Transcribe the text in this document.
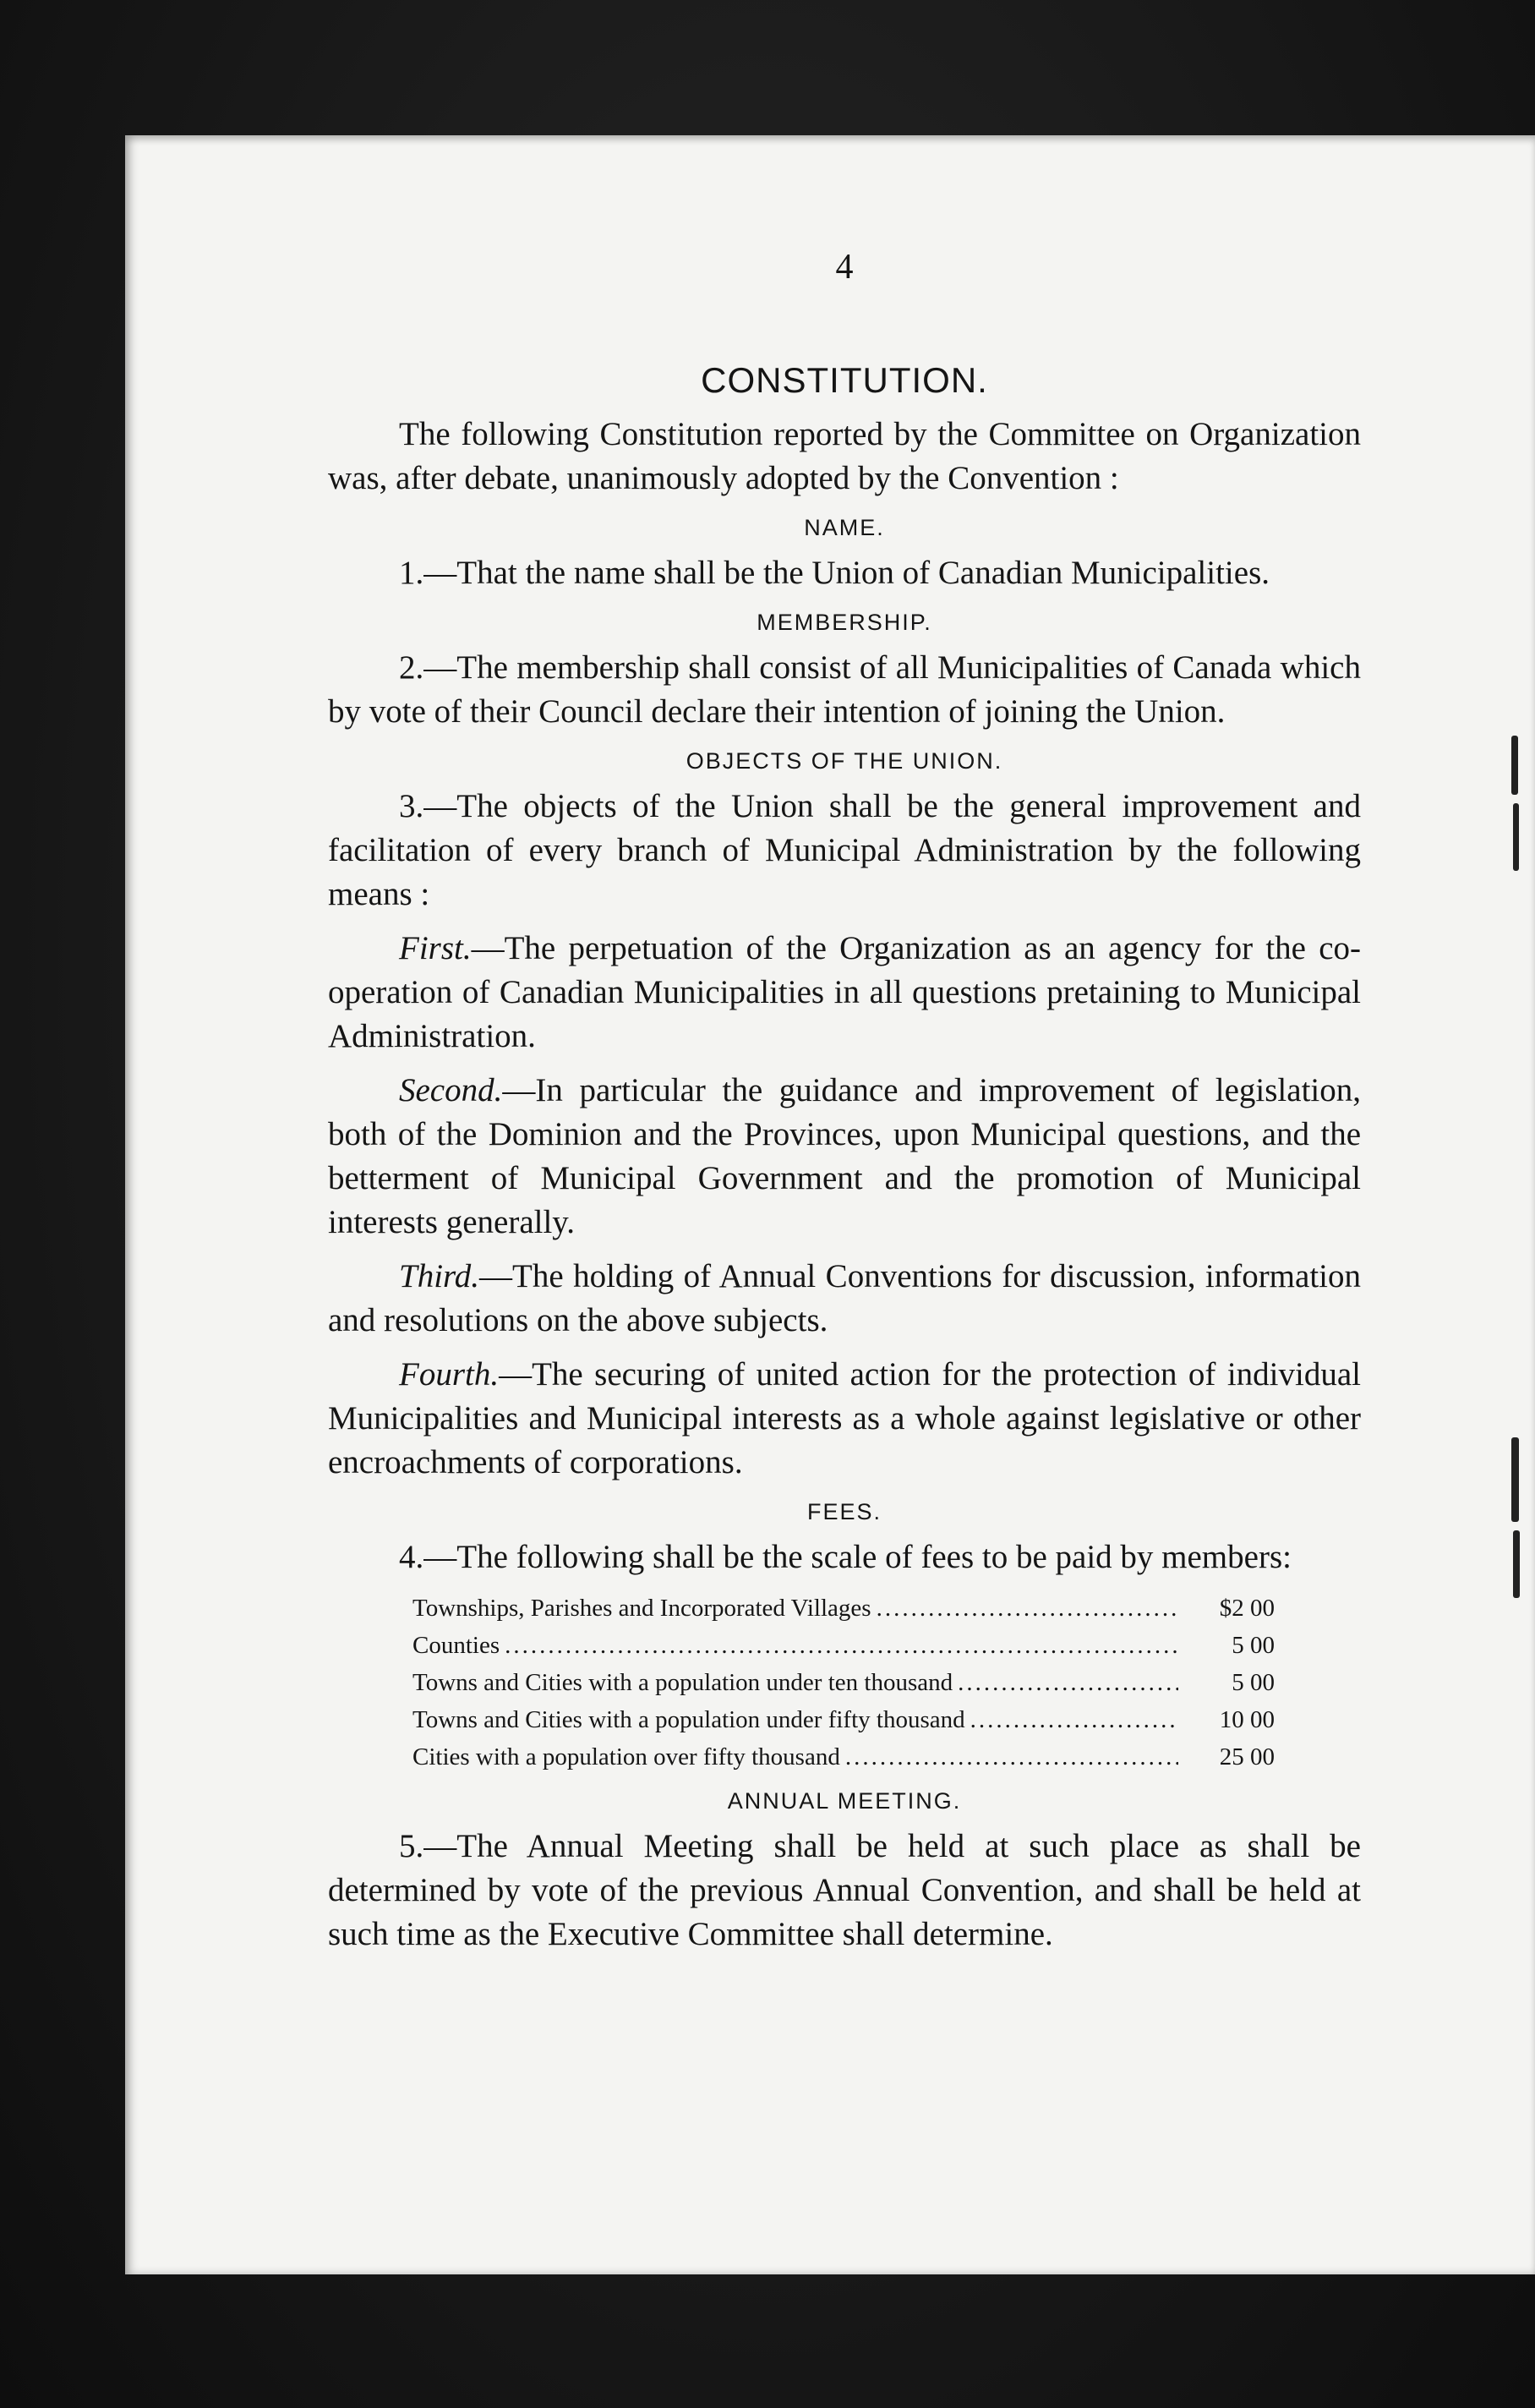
4
CONSTITUTION.

The following Constitution reported by the Committee on Organization was, after debate, unanimously adopted by the Convention :

NAME.

1.—That the name shall be the Union of Canadian Municipalities.

MEMBERSHIP.

2.—The membership shall consist of all Municipalities of Canada which by vote of their Council declare their intention of joining the Union.

OBJECTS OF THE UNION.

3.—The objects of the Union shall be the general improvement and facilitation of every branch of Municipal Administration by the following means :

First.—The perpetuation of the Organization as an agency for the co-operation of Canadian Municipalities in all questions pretaining to Municipal Administration.

Second.—In particular the guidance and improvement of legislation, both of the Dominion and the Provinces, upon Municipal questions, and the betterment of Municipal Government and the promotion of Municipal interests generally.

Third.—The holding of Annual Conventions for discussion, information and resolutions on the above subjects.

Fourth.—The securing of united action for the protection of individual Municipalities and Municipal interests as a whole against legislative or other encroachments of corporations.

FEES.

4.—The following shall be the scale of fees to be paid by members:

Townships, Parishes and Incorporated Villages .....	$2 00
Counties .....	5 00
Towns and Cities with a population under ten thousand .....	5 00
Towns and Cities with a population under fifty thousand .....	10 00
Cities with a population over fifty thousand .....	25 00
ANNUAL MEETING.

5.—The Annual Meeting shall be held at such place as shall be determined by vote of the previous Annual Convention, and shall be held at such time as the Executive Committee shall determine.
